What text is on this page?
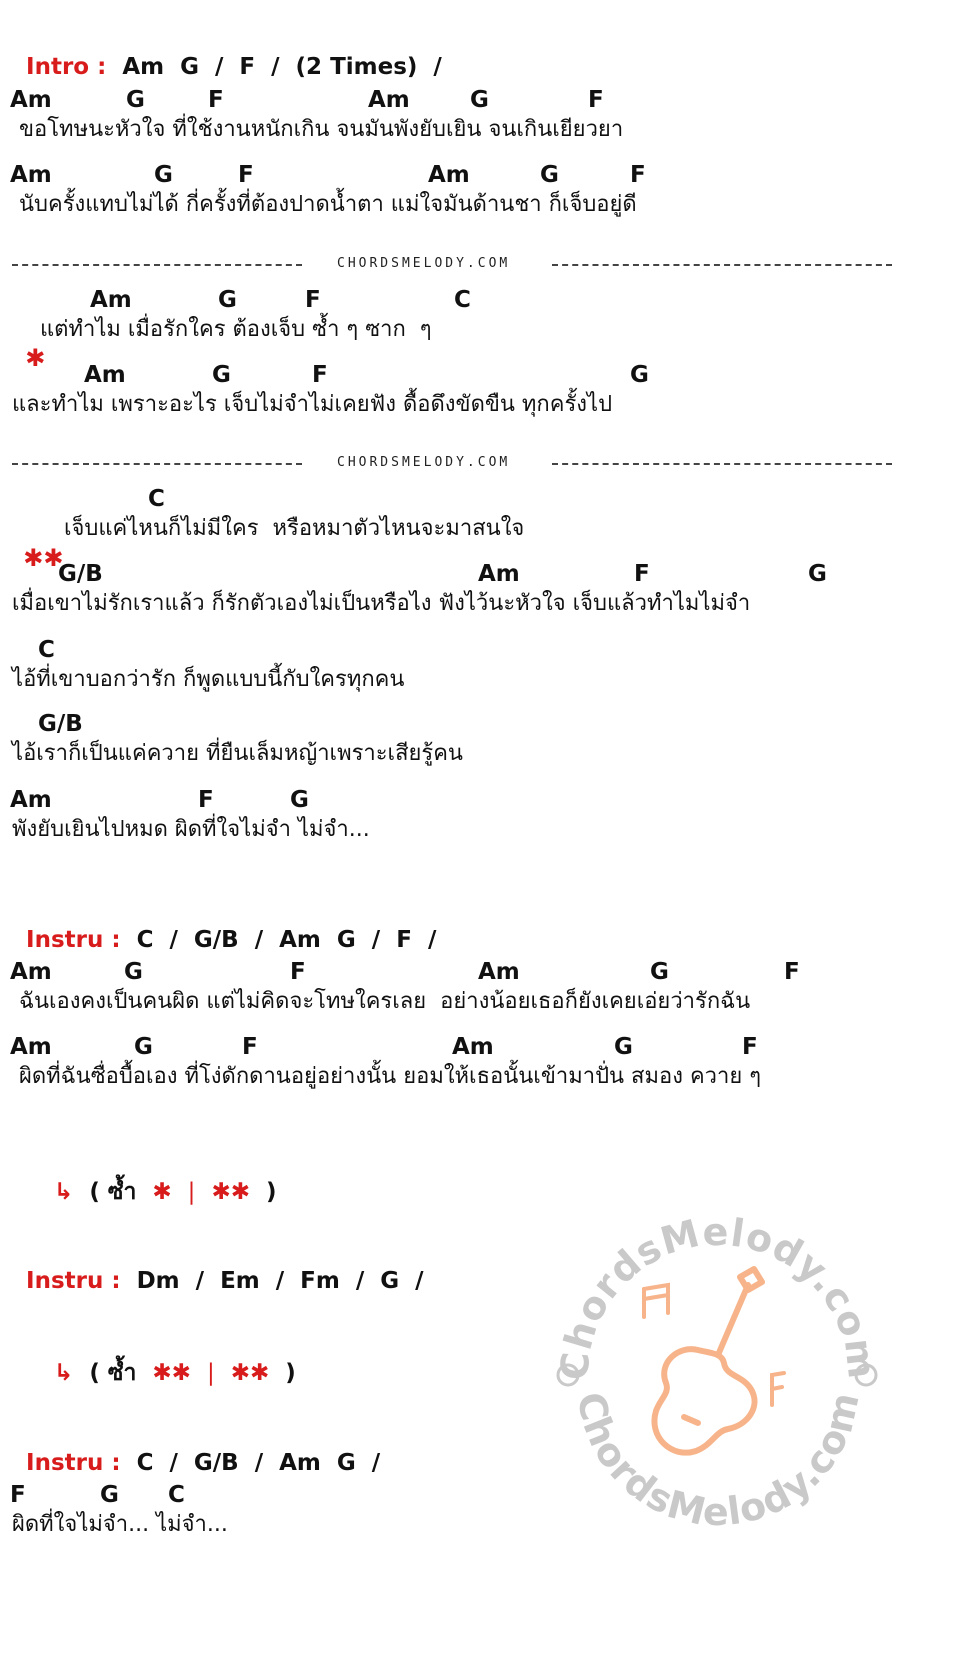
Intro : Am  G  /  F  /  (2 Times)  /

Am	G	F	Am	G	F
ขอโทษนะหัวใจ ที่ใช้งานหนักเกิน จนมันพังยับเยิน จนเกินเยียวยา
Am	G	F	Am	G	F
นับครั้งแทบไม่ได้ กี่ครั้งที่ต้องปาดน้ำตา แม่ใจมันด้านชา ก็เจ็บอยู่ดี
CHORDSMELODY.COM
Am	G	F	C

✱

แต่ทำไม เมื่อรักใคร ต้องเจ็บ ซ้ำ ๆ ซาก  ๆ
Am	G	F	G
และทำไม เพราะอะไร เจ็บไม่จำไม่เคยฟัง ดื้อดึงขัดขืน ทุกครั้งไป
CHORDSMELODY.COM
C

✱✱

เจ็บแค่ไหนก็ไม่มีใคร  หรือหมาตัวไหนจะมาสนใจ
G/B	Am	F	G
เมื่อเขาไม่รักเราแล้ว ก็รักตัวเองไม่เป็นหรือไง ฟังไว้นะหัวใจ เจ็บแล้วทำไมไม่จำ
C
ไอ้ที่เขาบอกว่ารัก ก็พูดแบบนี้กับใครทุกคน
G/B
ไอ้เราก็เป็นแค่ควาย ที่ยืนเล็มหญ้าเพราะเสียรู้คน
Am	F	G
พังยับเยินไปหมด ผิดที่ใจไม่จำ ไม่จำ...

Instru : C  /  G/B  /  Am  G  /  F  /

Am	G	F	Am	G	F
ฉันเองคงเป็นคนผิด แต่ไม่คิดจะโทษใครเลย  อย่างน้อยเธอก็ยังเคยเอ่ยว่ารักฉัน
Am	G	F	Am	G	F
ผิดที่ฉันซื่อบื้อเอง ที่โง่ดักดานอยู่อย่างนั้น ยอมให้เธอนั้นเข้ามาปั่น สมอง ควาย ๆ

↳ ( ซ้ำ ✱ | ✱✱ )

Instru : Dm  /  Em  /  Fm  /  G  /

↳ ( ซ้ำ ✱✱ | ✱✱ )

Instru : C  /  G/B  /  Am  G  /

F	G C
ผิดที่ใจไม่จำ... ไม่จำ...
ChordsMelody.com
ChordsMelody.com
